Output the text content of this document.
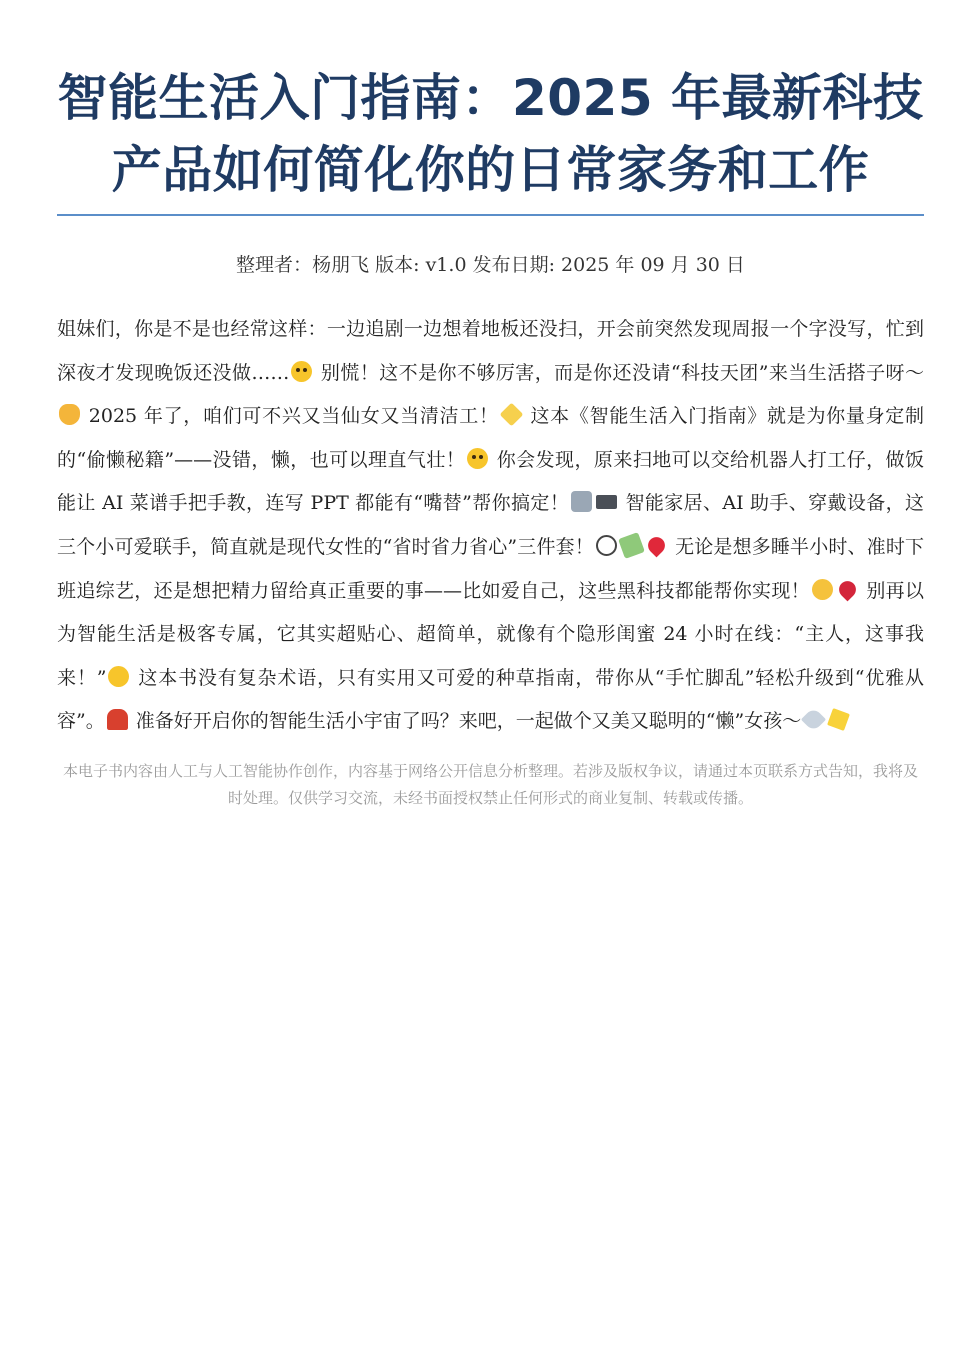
智能生活入门指南：2025 年最新科技产品如何简化你的日常家务和工作
整理者：杨朋飞 版本: v1.0 发布日期: 2025 年 09 月 30 日

姐妹们，你是不是也经常这样：一边追剧一边想着地板还没扫，开会前突然发现周报一个字没写，忙到深夜才发现晚饭还没做…… 别慌！这不是你不够厉害，而是你还没请“科技天团”来当生活搭子呀～ 2025 年了，咱们可不兴又当仙女又当清洁工！ 这本《智能生活入门指南》就是为你量身定制的“偷懒秘籍”——没错，懒，也可以理直气壮！ 你会发现，原来扫地可以交给机器人打工仔，做饭能让 AI 菜谱手把手教，连写 PPT 都能有“嘴替”帮你搞定！	智能家居、AI 助手、穿戴设备，这三个小可爱联手，简直就是现代女性的“省时省力省心”三件套！	无论是想多睡半小时、准时下班追综艺，还是想把精力留给真正重要的事——比如爱自己，这些黑科技都能帮你实现！	别再以为智能生活是极客专属，它其实超贴心、超简单，就像有个隐形闺蜜 24 小时在线：“主人，这事我来！” 这本书没有复杂术语，只有实用又可爱的种草指南，带你从“手忙脚乱”轻松升级到“优雅从容”。 准备好开启你的智能生活小宇宙了吗？来吧，一起做个又美又聪明的“懒”女孩～

本电子书内容由人工与人工智能协作创作，内容基于网络公开信息分析整理。若涉及版权争议，请通过本页联系方式告知，我将及时处理。仅供学习交流，未经书面授权禁止任何形式的商业复制、转载或传播。
